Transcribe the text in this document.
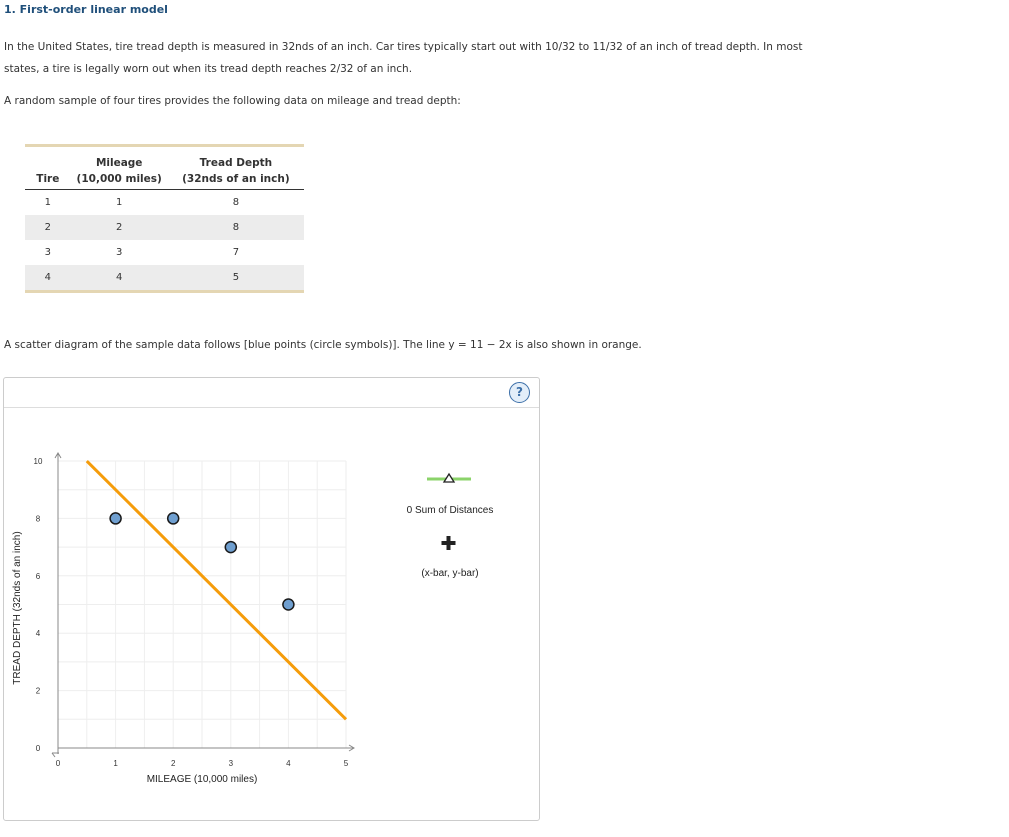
1. First-order linear model

In the United States, tire tread depth is measured in 32nds of an inch. Car tires typically start out with 10/32 to 11/32 of an inch of tread depth. In most states, a tire is legally worn out when its tread depth reaches 2/32 of an inch.

A random sample of four tires provides the following data on mileage and tread depth:

	Mileage	Tread Depth
Tire	(10,000 miles)	(32nds of an inch)
1	1	8
2	2	8
3	3	7
4	4	5

A scatter diagram of the sample data follows [blue points (circle symbols)]. The line y = 11 − 2x is also shown in orange.

?
0	1	2	3	4	5
0
2
4
6
8
10
MILEAGE (10,000 miles)
TREAD DEPTH (32nds of an inch)
0 Sum of Distances
(x-bar, y-bar)
